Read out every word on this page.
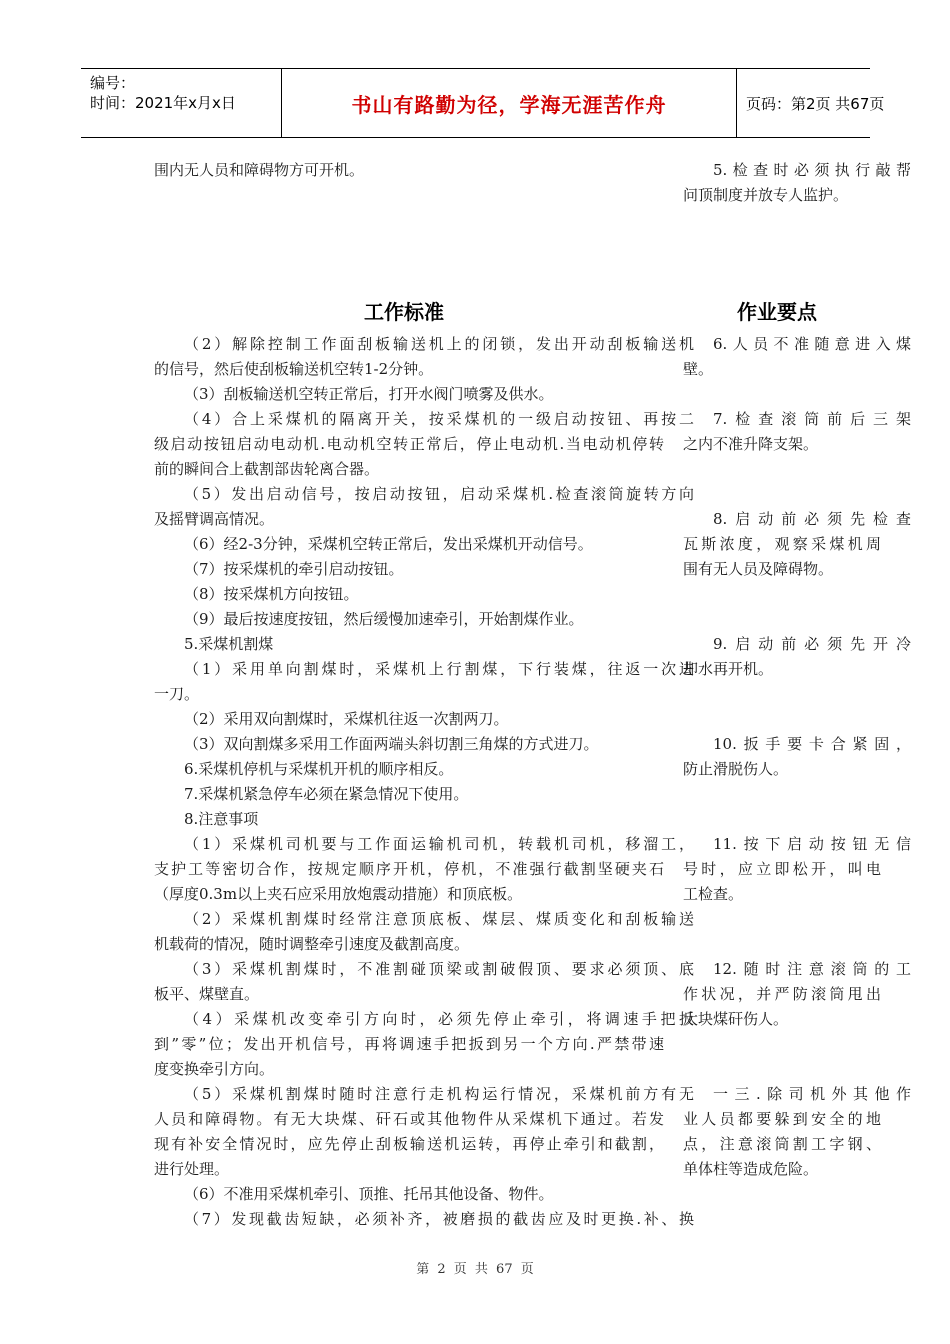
编号：
时间：2021年x月x日	书山有路勤为径，学海无涯苦作舟	页码：第2页 共67页
围内无人员和障碍物方可开机。	5.检查时必须执行敲帮
问顶制度并放专人监护。
工作标准	作业要点
（2）解除控制工作面刮板输送机上的闭锁，发出开动刮板输送机
的信号，然后使刮板输送机空转1-2分钟。
（3）刮板输送机空转正常后，打开水阀门喷雾及供水。
（4）合上采煤机的隔离开关，按采煤机的一级启动按钮、再按二
级启动按钮启动电动机.电动机空转正常后，停止电动机.当电动机停转
前的瞬间合上截割部齿轮离合器。
（5）发出启动信号，按启动按钮，启动采煤机.检查滚筒旋转方向
及摇臂调高情况。
（6）经2-3分钟，采煤机空转正常后，发出采煤机开动信号。
（7）按采煤机的牵引启动按钮。
（8）按采煤机方向按钮。
（9）最后按速度按钮，然后缓慢加速牵引，开始割煤作业。
5.采煤机割煤
（1）采用单向割煤时，采煤机上行割煤，下行装煤，往返一次进
一刀。
（2）采用双向割煤时，采煤机往返一次割两刀。
（3）双向割煤多采用工作面两端头斜切割三角煤的方式进刀。
6.采煤机停机与采煤机开机的顺序相反。
7.采煤机紧急停车必须在紧急情况下使用。
8.注意事项
（1）采煤机司机要与工作面运输机司机，转载机司机，移溜工，
支护工等密切合作，按规定顺序开机，停机，不准强行截割坚硬夹石
（厚度0.3m以上夹石应采用放炮震动措施）和顶底板。
（2）采煤机割煤时经常注意顶底板、煤层、煤质变化和刮板输送
机载荷的情况，随时调整牵引速度及截割高度。
（3）采煤机割煤时，不准割碰顶梁或割破假顶、要求必须顶、底
板平、煤壁直。
（4）采煤机改变牵引方向时，必须先停止牵引，将调速手把扳
到”零”位；发出开机信号，再将调速手把扳到另一个方向.严禁带速
度变换牵引方向。
（5）采煤机割煤时随时注意行走机构运行情况，采煤机前方有无
人员和障碍物。有无大块煤、矸石或其他物件从采煤机下通过。若发
现有补安全情况时，应先停止刮板输送机运转，再停止牵引和截割，
进行处理。
（6）不准用采煤机牵引、顶推、托吊其他设备、物件。
（7）发现截齿短缺，必须补齐，被磨损的截齿应及时更换.补、换
6.人员不准随意进入煤
壁。
7.检查滚筒前后三架
之内不准升降支架。
8.启动前必须先检查
瓦斯浓度，观察采煤机周
围有无人员及障碍物。
9.启动前必须先开冷
却水再开机。
10.扳手要卡合紧固，
防止滑脱伤人。
11.按下启动按钮无信
号时，应立即松开，叫电
工检查。
12.随时注意滚筒的工
作状况，并严防滚筒甩出
大块煤矸伤人。
一三.除司机外其他作
业人员都要躲到安全的地
点，注意滚筒割工字钢、
单体柱等造成危险。
第 2 页 共 67 页
